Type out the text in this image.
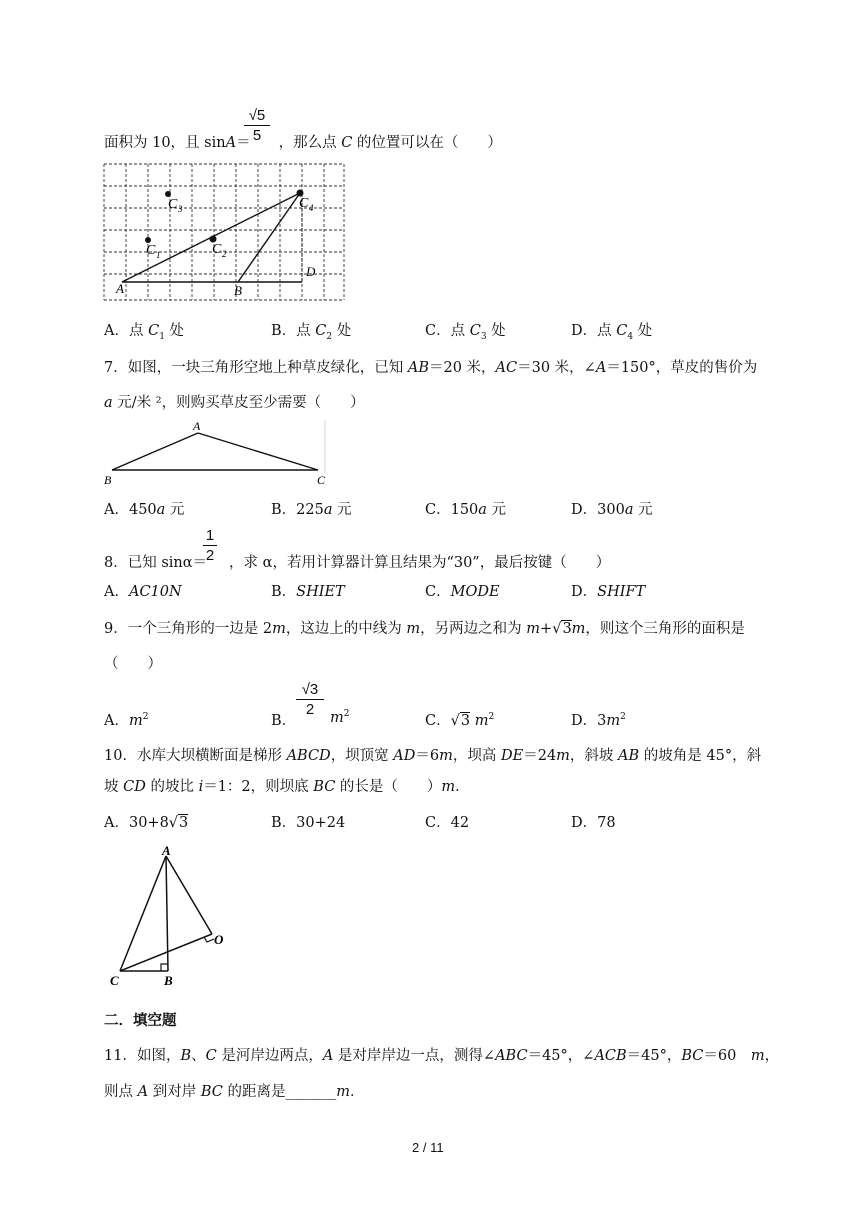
√5
5
面积为 10，且 sinA＝ ，那么点 C 的位置可以在（　　）
A	B
D
C 1	C 2
C 3	C 4
A．点 $C_1$ 处	B．点 $C_2$ 处	C．点 $C_3$ 处	D．点 $C_4$ 处
7．如图，一块三角形空地上种草皮绿化，已知 AB＝20 米，AC＝30 米，∠A＝150°，草皮的售价为
a 元/米 ²，则购买草皮至少需要（　　）
A
B	C
A．450a 元	B．225a 元	C．150a 元	D．300a 元
1
2
8．已知 sinα＝ ，求 α，若用计算器计算且结果为“30”，最后按键（　　）
A．AC10N	B．SHIET	C．MODE	D．SHIFT
9．一个三角形的一边是 2m，这边上的中线为 m，另两边之和为 m+√3m，则这个三角形的面积是
（　　）
A．$m^2$	B．
√3
2	$m^2$	C．√3 $m^2$	D．$3m^2$
10．水库大坝横断面是梯形 ABCD，坝顶宽 AD＝6m，坝高 DE＝24m，斜坡 AB 的坡角是 45°，斜
坡 CD 的坡比 i＝1：2，则坝底 BC 的长是（　　）m．
A．30+8√3	B．30+24	C．42	D．78
A
B
C
O
二．填空题
11．如图，B、C 是河岸边两点，A 是对岸岸边一点，测得∠ABC＝45°，∠ACB＝45°，BC＝60　m，
则点 A 到对岸 BC 的距离是_______m．
2 / 11
